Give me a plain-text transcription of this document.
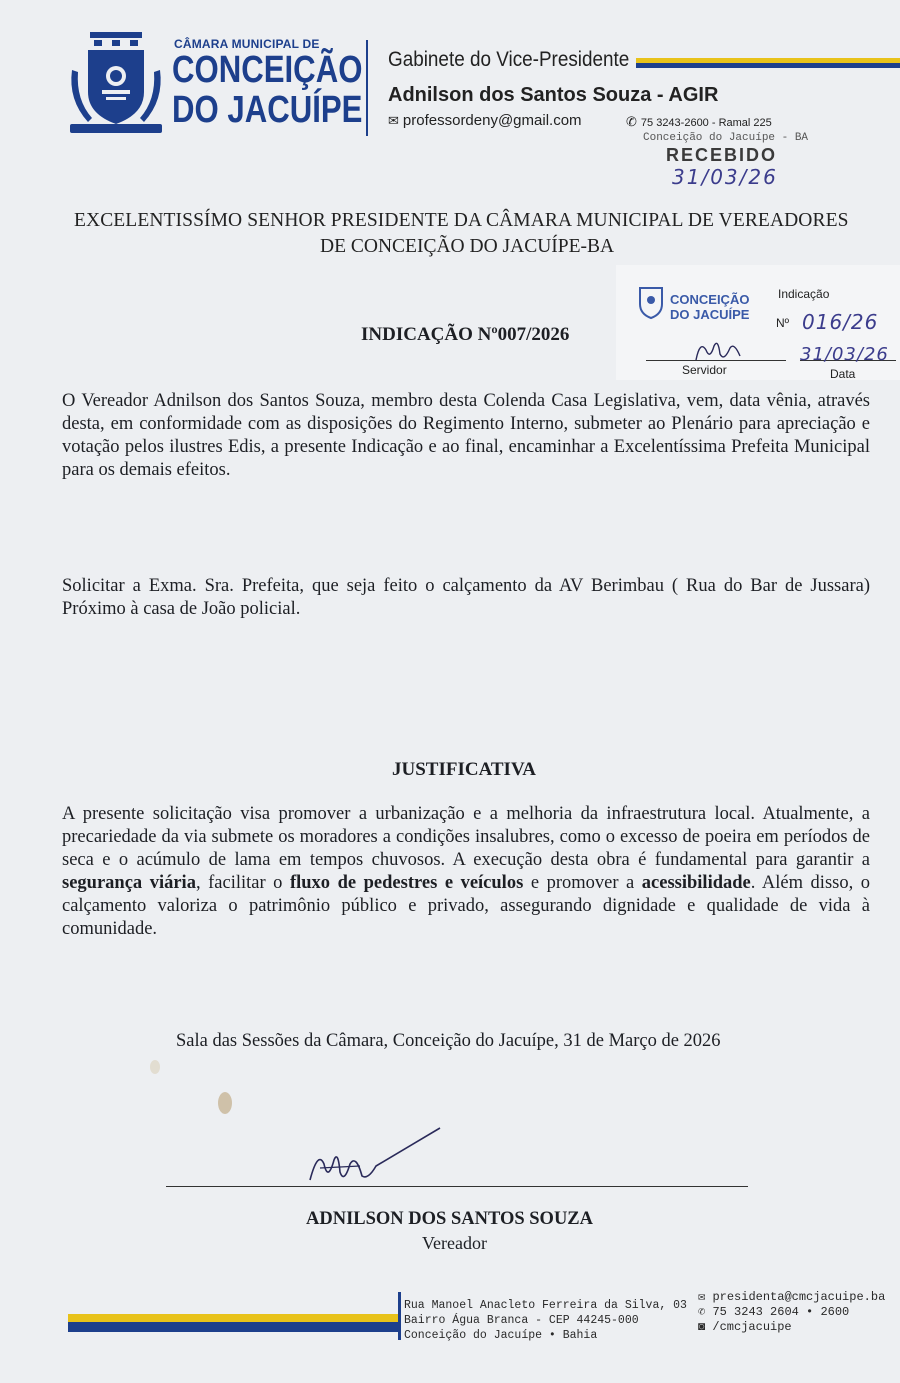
CÂMARA MUNICIPAL DE
CONCEIÇÃO
DO JACUÍPE
Gabinete do Vice-Presidente
Adnilson dos Santos Souza - AGIR
✉ professordeny@gmail.com	✆ 75 3243-2600 - Ramal 225
Conceição do Jacuípe - BA
RECEBIDO
31/03/26
EXCELENTISSÍMO SENHOR PRESIDENTE DA CÂMARA MUNICIPAL DE VEREADORES
DE CONCEIÇÃO DO JACUÍPE-BA
CONCEIÇÃO
DO JACUÍPE
Indicação
Nº 016/26
31/03/26
Servidor	Data
INDICAÇÃO Nº007/2026
O Vereador Adnilson dos Santos Souza, membro desta Colenda Casa Legislativa, vem, data vênia, através desta, em conformidade com as disposições do Regimento Interno, submeter ao Plenário para apreciação e votação pelos ilustres Edis, a presente Indicação e ao final, encaminhar a Excelentíssima Prefeita Municipal para os demais efeitos.
Solicitar a Exma. Sra. Prefeita, que seja feito o calçamento da AV Berimbau ( Rua do Bar de Jussara) Próximo à casa de João policial.
JUSTIFICATIVA
A presente solicitação visa promover a urbanização e a melhoria da infraestrutura local. Atualmente, a precariedade da via submete os moradores a condições insalubres, como o excesso de poeira em períodos de seca e o acúmulo de lama em tempos chuvosos. A execução desta obra é fundamental para garantir a segurança viária, facilitar o fluxo de pedestres e veículos e promover a acessibilidade. Além disso, o calçamento valoriza o patrimônio público e privado, assegurando dignidade e qualidade de vida à comunidade.
Sala das Sessões da Câmara, Conceição do Jacuípe, 31 de Março de 2026
ADNILSON DOS SANTOS SOUZA
Vereador
Rua Manoel Anacleto Ferreira da Silva, 03
Bairro Água Branca - CEP 44245-000
Conceição do Jacuípe • Bahia
✉ presidenta@cmcjacuipe.ba
✆ 75 3243 2604 • 2600
◙ /cmcjacuipe
